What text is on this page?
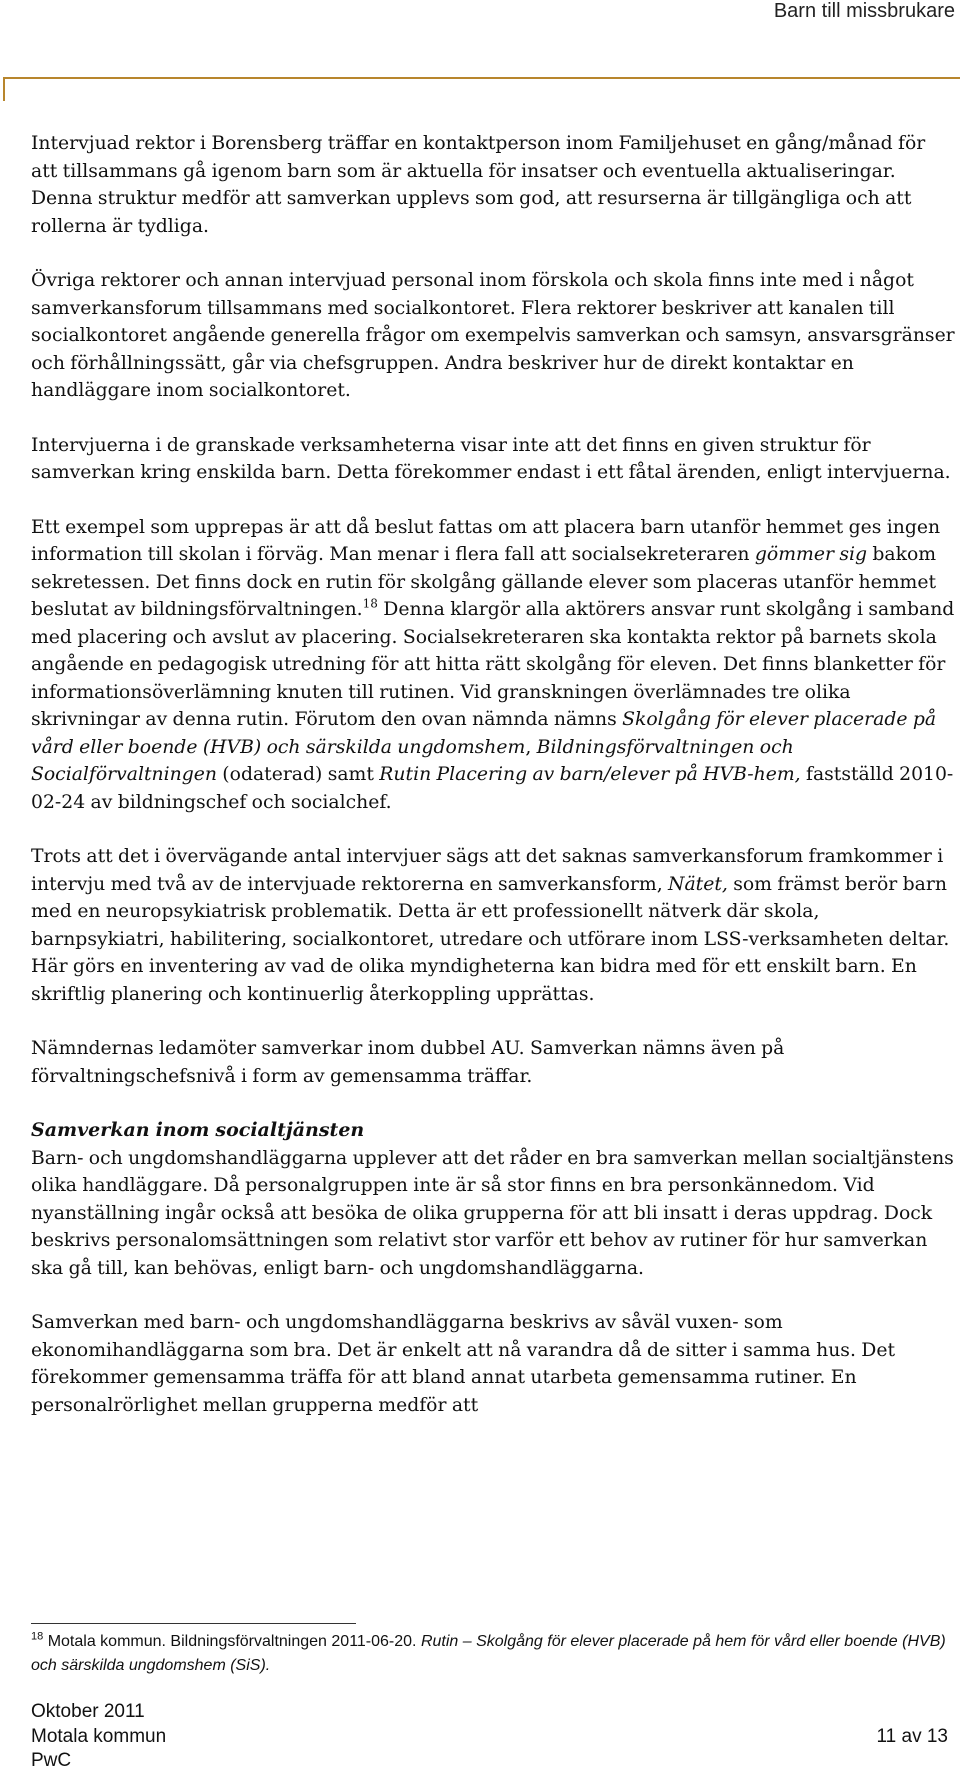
Barn till missbrukare

Intervjuad rektor i Borensberg träffar en kontaktperson inom Familjehuset en gång/månad för att tillsammans gå igenom barn som är aktuella för insatser och eventuella aktualiseringar. Denna struktur medför att samverkan upplevs som god, att resurserna är tillgängliga och att rollerna är tydliga.

Övriga rektorer och annan intervjuad personal inom förskola och skola finns inte med i något samverkansforum tillsammans med socialkontoret. Flera rektorer beskriver att kanalen till socialkontoret angående generella frågor om exempelvis samverkan och samsyn, ansvarsgränser och förhållningssätt, går via chefsgruppen. Andra beskriver hur de direkt kontaktar en handläggare inom socialkontoret.

Intervjuerna i de granskade verksamheterna visar inte att det finns en given struktur för samverkan kring enskilda barn. Detta förekommer endast i ett fåtal ärenden, enligt intervjuerna.

Ett exempel som upprepas är att då beslut fattas om att placera barn utanför hemmet ges ingen information till skolan i förväg. Man menar i flera fall att socialsekreteraren gömmer sig bakom sekretessen. Det finns dock en rutin för skolgång gällande elever som placeras utanför hemmet beslutat av bildningsförvaltningen.$^{18}$ Denna klargör alla aktörers ansvar runt skolgång i samband med placering och avslut av placering. Socialsekreteraren ska kontakta rektor på barnets skola angående en pedagogisk utredning för att hitta rätt skolgång för eleven. Det finns blanketter för informationsöverlämning knuten till rutinen. Vid granskningen överlämnades tre olika skrivningar av denna rutin. Förutom den ovan nämnda nämns Skolgång för elever placerade på vård eller boende (HVB) och särskilda ungdomshem, Bildningsförvaltningen och Socialförvaltningen (odaterad) samt Rutin Placering av barn/elever på HVB-hem, fastställd 2010-02-24 av bildningschef och socialchef.

Trots att det i övervägande antal intervjuer sägs att det saknas samverkansforum framkommer i intervju med två av de intervjuade rektorerna en samverkansform, Nätet, som främst berör barn med en neuropsykiatrisk problematik. Detta är ett professionellt nätverk där skola, barnpsykiatri, habilitering, socialkontoret, utredare och utförare inom LSS-verksamheten deltar. Här görs en inventering av vad de olika myndigheterna kan bidra med för ett enskilt barn. En skriftlig planering och kontinuerlig återkoppling upprättas.

Nämndernas ledamöter samverkar inom dubbel AU. Samverkan nämns även på förvaltningschefsnivå i form av gemensamma träffar.

Samverkan inom socialtjänsten

Barn- och ungdomshandläggarna upplever att det råder en bra samverkan mellan socialtjänstens olika handläggare. Då personalgruppen inte är så stor finns en bra personkännedom. Vid nyanställning ingår också att besöka de olika grupperna för att bli insatt i deras uppdrag. Dock beskrivs personalomsättningen som relativt stor varför ett behov av rutiner för hur samverkan ska gå till, kan behövas, enligt barn- och ungdomshandläggarna.

Samverkan med barn- och ungdomshandläggarna beskrivs av såväl vuxen- som ekonomihandläggarna som bra. Det är enkelt att nå varandra då de sitter i samma hus. Det förekommer gemensamma träffa för att bland annat utarbeta gemensamma rutiner. En personalrörlighet mellan grupperna medför att

$^{18}$ Motala kommun. Bildningsförvaltningen 2011-06-20. Rutin – Skolgång för elever placerade på hem för vård eller boende (HVB) och särskilda ungdomshem (SiS).
Oktober 2011
Motala kommun
PwC
11 av 13
